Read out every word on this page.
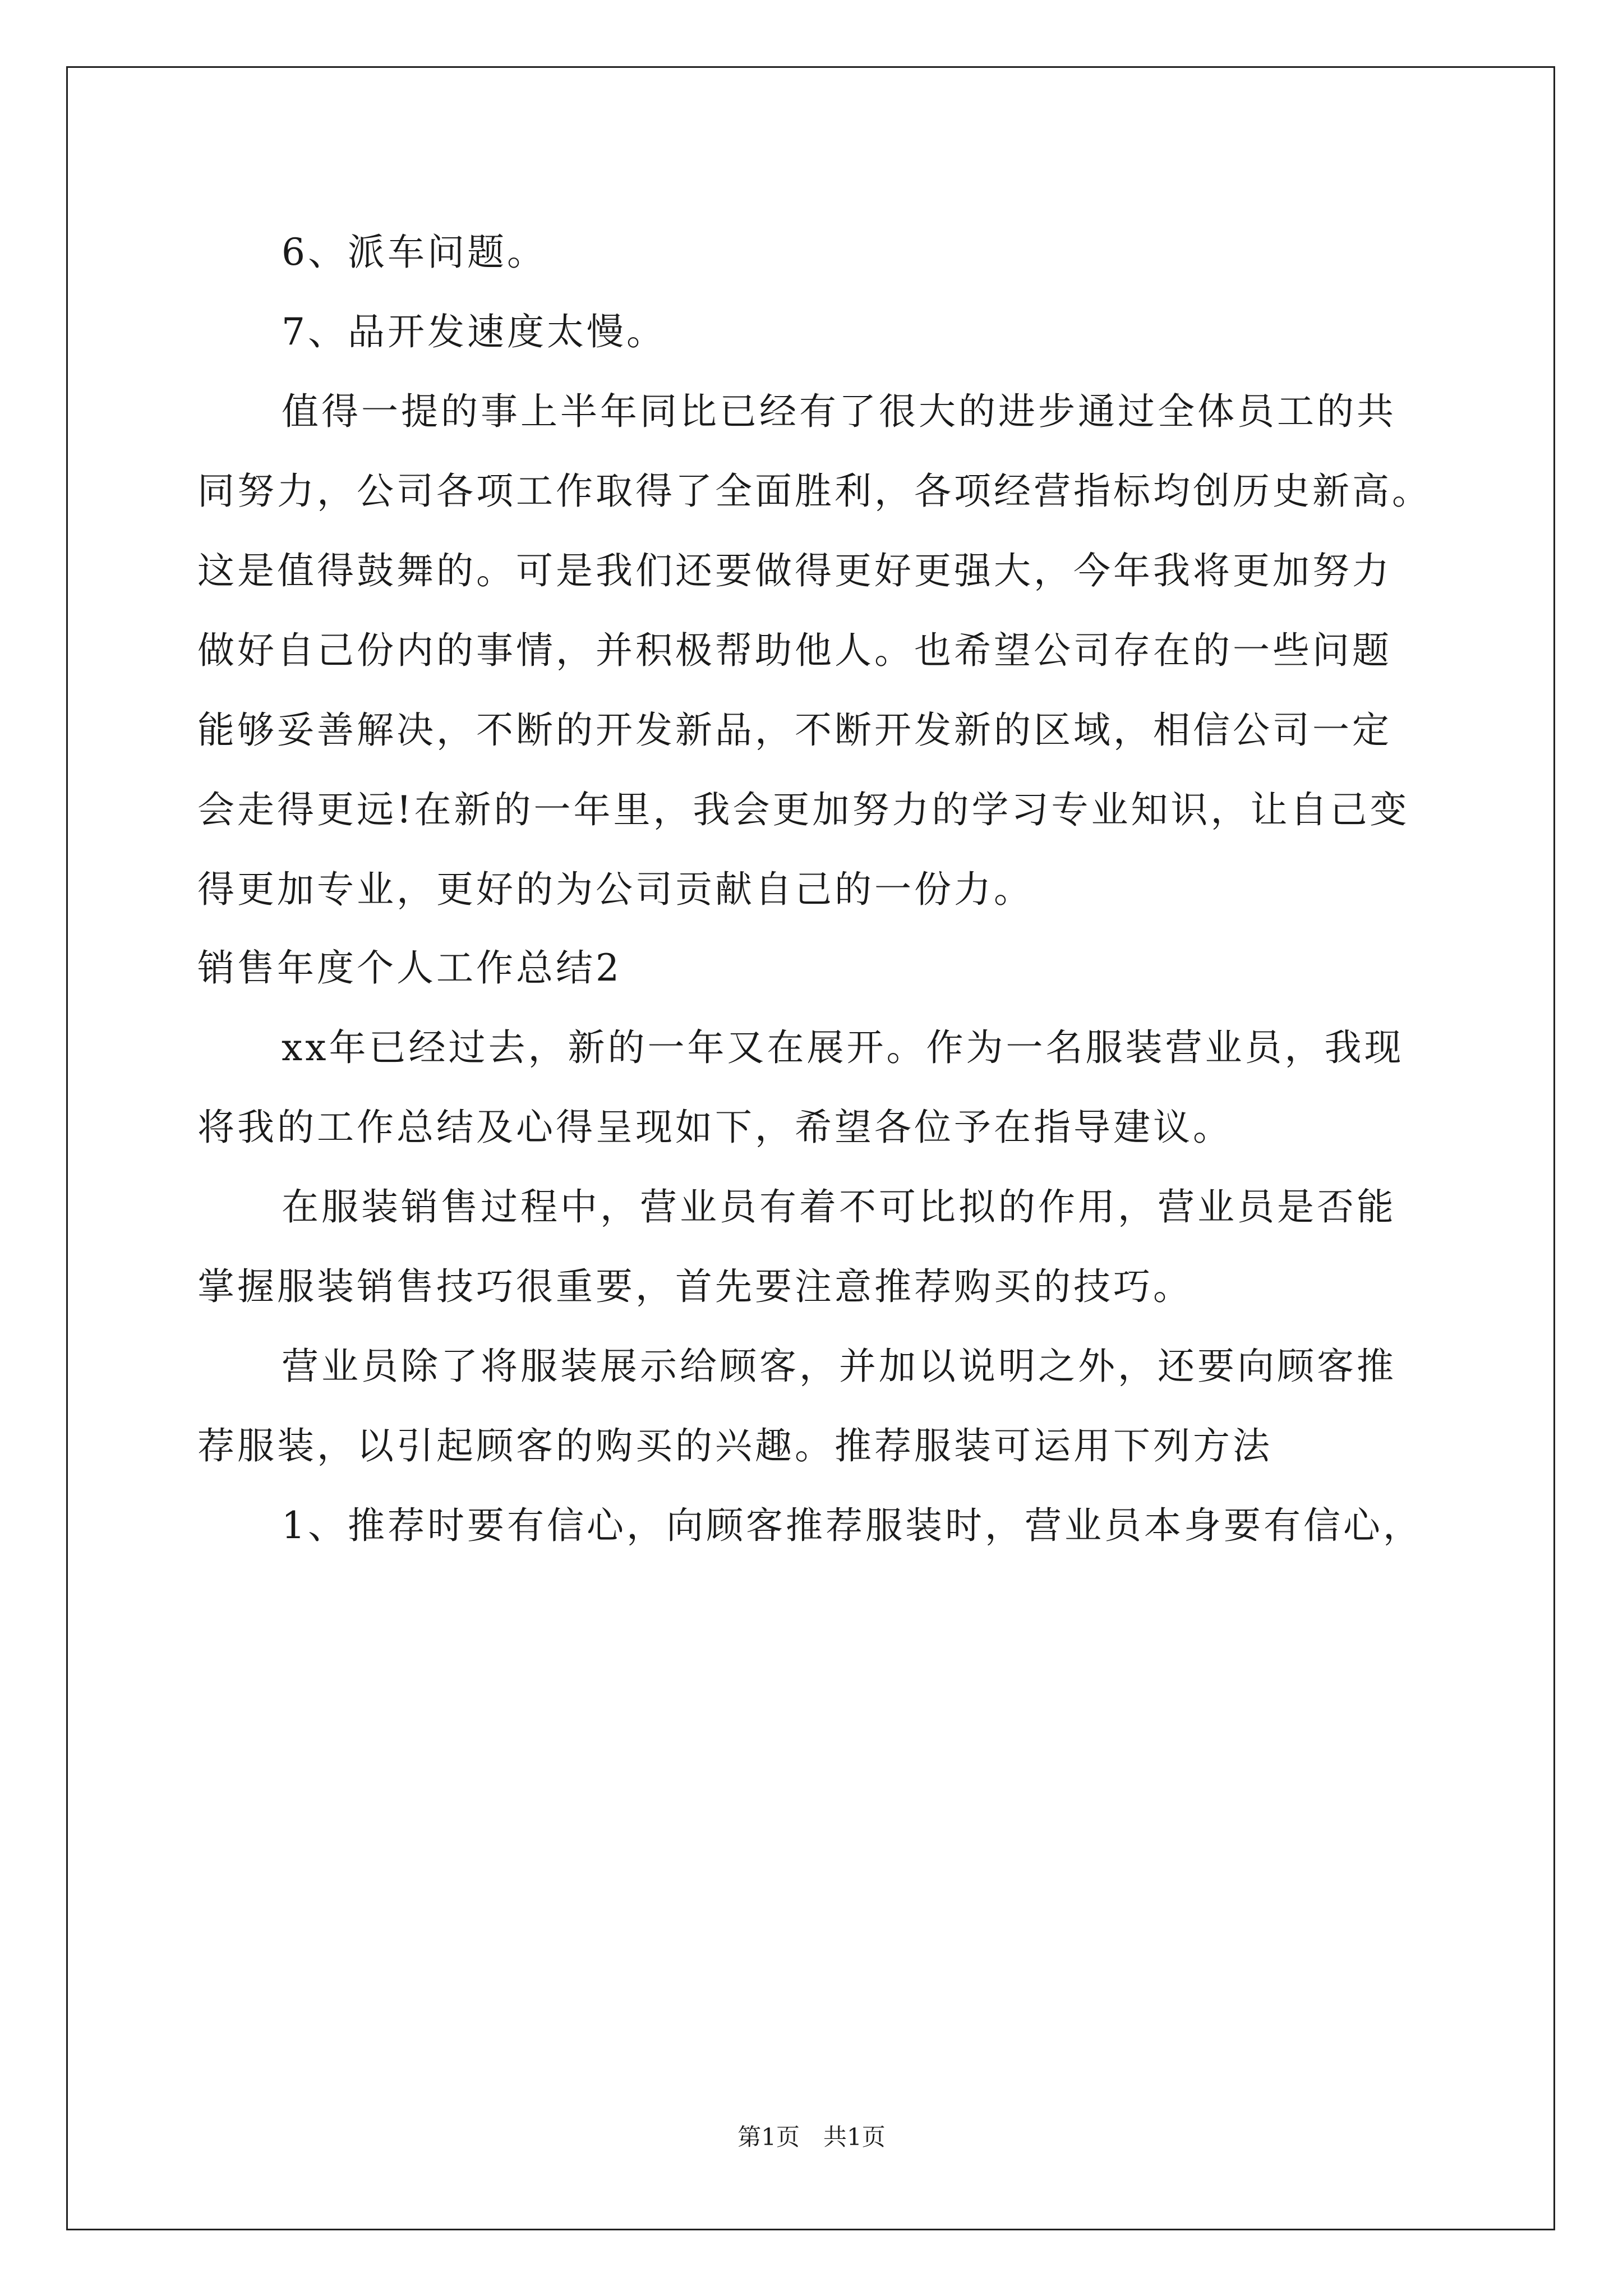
6、派车问题。
7、品开发速度太慢。
值得一提的事上半年同比已经有了很大的进步通过全体员工的共
同努力，公司各项工作取得了全面胜利，各项经营指标均创历史新高。
这是值得鼓舞的。可是我们还要做得更好更强大，今年我将更加努力
做好自己份内的事情，并积极帮助他人。也希望公司存在的一些问题
能够妥善解决，不断的开发新品，不断开发新的区域，相信公司一定
会走得更远!在新的一年里，我会更加努力的学习专业知识，让自己变
得更加专业，更好的为公司贡献自己的一份力。
销售年度个人工作总结2
xx年已经过去，新的一年又在展开。作为一名服装营业员，我现
将我的工作总结及心得呈现如下，希望各位予在指导建议。
在服装销售过程中，营业员有着不可比拟的作用，营业员是否能
掌握服装销售技巧很重要，首先要注意推荐购买的技巧。
营业员除了将服装展示给顾客，并加以说明之外，还要向顾客推
荐服装，以引起顾客的购买的兴趣。推荐服装可运用下列方法
1、推荐时要有信心，向顾客推荐服装时，营业员本身要有信心，
第1页　共1页
